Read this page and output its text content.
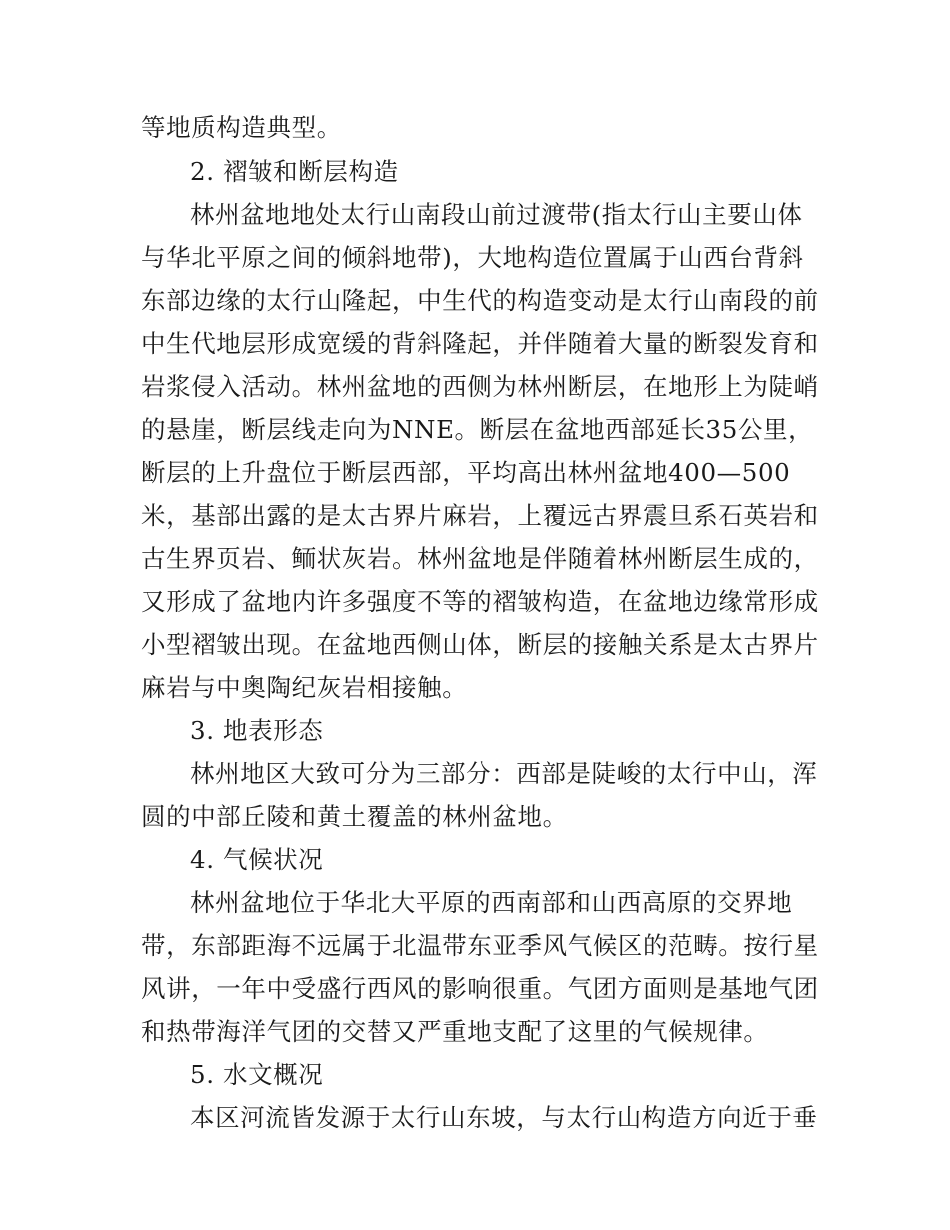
等地质构造典型。
2. 褶皱和断层构造
林州盆地地处太行山南段山前过渡带(指太行山主要山体
与华北平原之间的倾斜地带)，大地构造位置属于山西台背斜
东部边缘的太行山隆起，中生代的构造变动是太行山南段的前
中生代地层形成宽缓的背斜隆起，并伴随着大量的断裂发育和
岩浆侵入活动。林州盆地的西侧为林州断层，在地形上为陡峭
的悬崖，断层线走向为NNE。断层在盆地西部延长35公里，
断层的上升盘位于断层西部，平均高出林州盆地400—500
米，基部出露的是太古界片麻岩，上覆远古界震旦系石英岩和
古生界页岩、鲕状灰岩。林州盆地是伴随着林州断层生成的，
又形成了盆地内许多强度不等的褶皱构造，在盆地边缘常形成
小型褶皱出现。在盆地西侧山体，断层的接触关系是太古界片
麻岩与中奥陶纪灰岩相接触。
3. 地表形态
林州地区大致可分为三部分：西部是陡峻的太行中山，浑
圆的中部丘陵和黄土覆盖的林州盆地。
4. 气候状况
林州盆地位于华北大平原的西南部和山西高原的交界地
带，东部距海不远属于北温带东亚季风气候区的范畴。按行星
风讲，一年中受盛行西风的影响很重。气团方面则是基地气团
和热带海洋气团的交替又严重地支配了这里的气候规律。
5. 水文概况
本区河流皆发源于太行山东坡，与太行山构造方向近于垂
